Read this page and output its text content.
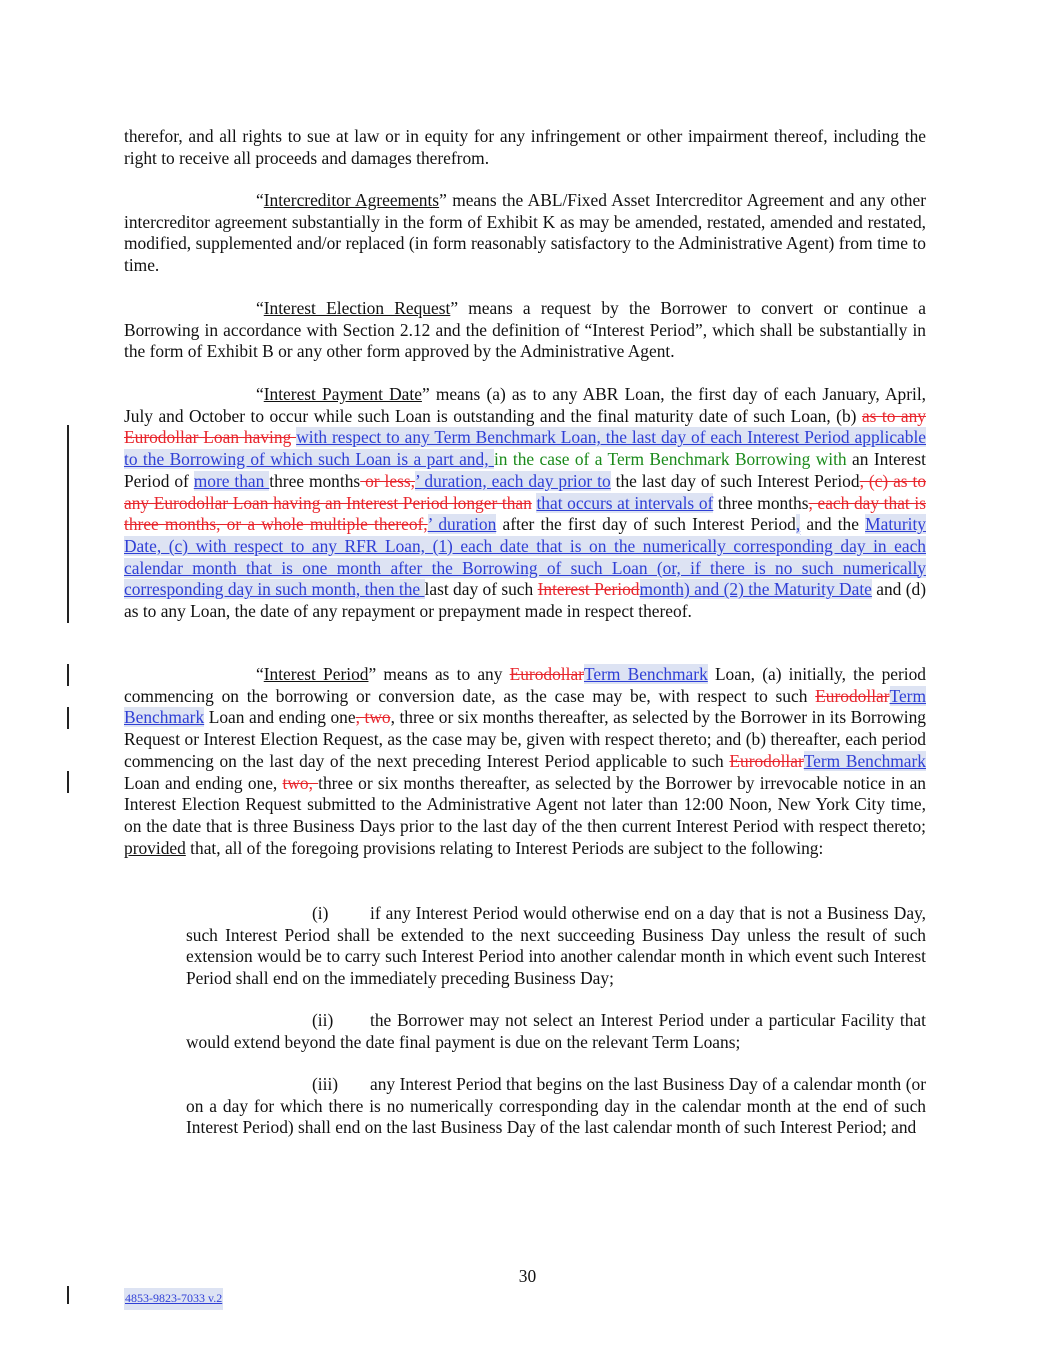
therefor, and all rights to sue at law or in equity for any infringement or other impairment thereof, including the right to receive all proceeds and damages therefrom.

“Intercreditor Agreements” means the ABL/Fixed Asset Intercreditor Agreement and any other intercreditor agreement substantially in the form of Exhibit K as may be amended, restated, amended and restated, modified, supplemented and/or replaced (in form reasonably satisfactory to the Administrative Agent) from time to time.

“Interest Election Request” means a request by the Borrower to convert or continue a Borrowing in accordance with Section 2.12 and the definition of “Interest Period”, which shall be substantially in the form of Exhibit B or any other form approved by the Administrative Agent.

“Interest Payment Date” means (a) as to any ABR Loan, the first day of each January, April, July and October to occur while such Loan is outstanding and the final maturity date of such Loan, (b) as to any Eurodollar Loan having with respect to any Term Benchmark Loan, the last day of each Interest Period applicable to the Borrowing of which such Loan is a part and, in the case of a Term Benchmark Borrowing with an Interest Period of more than three months or less,’ duration, each day prior to the last day of such Interest Period, (c) as to any Eurodollar Loan having an Interest Period longer than that occurs at intervals of three months, each day that is three months, or a whole multiple thereof,’ duration after the first day of such Interest Period, and the Maturity Date, (c) with respect to any RFR Loan, (1) each date that is on the numerically corresponding day in each calendar month that is one month after the Borrowing of such Loan (or, if there is no such numerically corresponding day in such month, then the last day of such Interest Periodmonth) and (2) the Maturity Date and (d) as to any Loan, the date of any repayment or prepayment made in respect thereof.

“Interest Period” means as to any EurodollarTerm Benchmark Loan, (a) initially, the period commencing on the borrowing or conversion date, as the case may be, with respect to such EurodollarTerm Benchmark Loan and ending one, two, three or six months thereafter, as selected by the Borrower in its Borrowing Request or Interest Election Request, as the case may be, given with respect thereto; and (b) thereafter, each period commencing on the last day of the next preceding Interest Period applicable to such EurodollarTerm Benchmark Loan and ending one, two, three or six months thereafter, as selected by the Borrower by irrevocable notice in an Interest Election Request submitted to the Administrative Agent not later than 12:00 Noon, New York City time, on the date that is three Business Days prior to the last day of the then current Interest Period with respect thereto; provided that, all of the foregoing provisions relating to Interest Periods are subject to the following:

(i) if any Interest Period would otherwise end on a day that is not a Business Day, such Interest Period shall be extended to the next succeeding Business Day unless the result of such extension would be to carry such Interest Period into another calendar month in which event such Interest Period shall end on the immediately preceding Business Day;

(ii) the Borrower may not select an Interest Period under a particular Facility that would extend beyond the date final payment is due on the relevant Term Loans;

(iii) any Interest Period that begins on the last Business Day of a calendar month (or on a day for which there is no numerically corresponding day in the calendar month at the end of such Interest Period) shall end on the last Business Day of the last calendar month of such Interest Period; and

30
4853-9823-7033 v.2
